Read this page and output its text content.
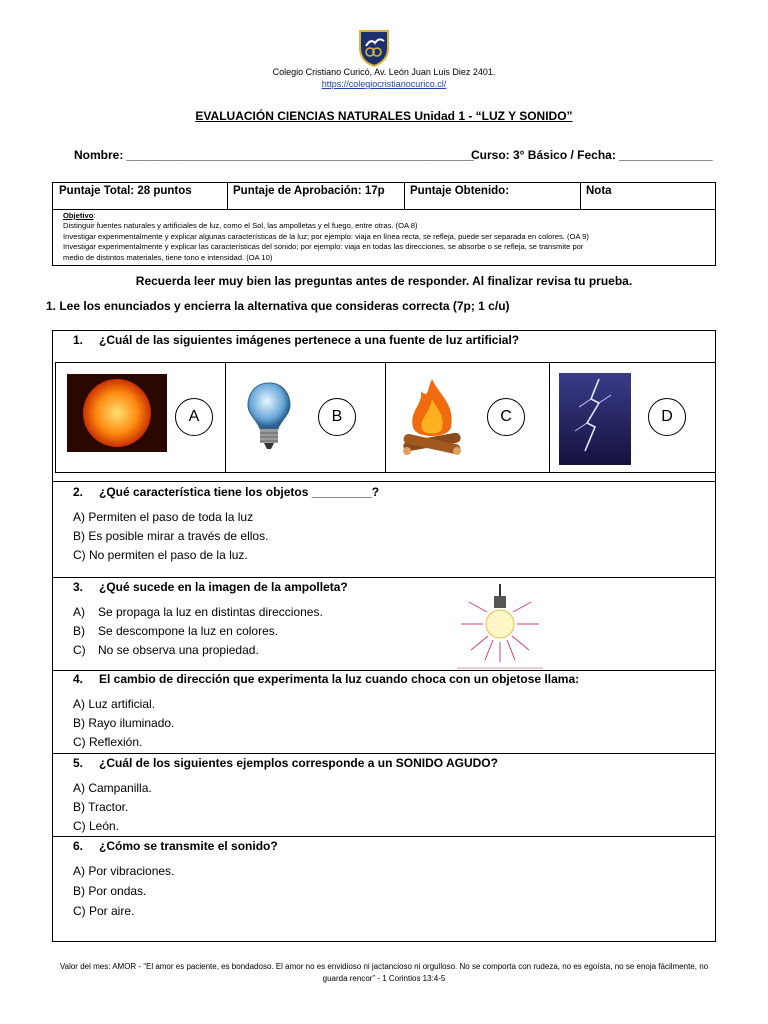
Colegio Cristiano Curicó, Av. León Juan Luis Diez 2401.
https://colegiocristianocurico.cl/
EVALUACIÓN CIENCIAS NATURALES Unidad 1 - “LUZ Y SONIDO”
Nombre: ____________________________________________________
Curso: 3° Básico / Fecha: ______________
Puntaje Total: 28 puntos	Puntaje de Aprobación: 17p	Puntaje Obtenido:	Nota
Objetivo:
Distinguir fuentes naturales y artificiales de luz, como el Sol, las ampolletas y el fuego, entre otras. (OA 8)
Investigar experimentalmente y explicar algunas características de la luz; por ejemplo: viaja en línea recta, se refleja, puede ser separada en colores. (OA 9)
Investigar experimentalmente y explicar las características del sonido; por ejemplo: viaja en todas las direcciones, se absorbe o se refleja, se transmite por
medio de distintos materiales, tiene tono e intensidad. (OA 10)
Recuerda leer muy bien las preguntas antes de responder. Al finalizar revisa tu prueba.
1. Lee los enunciados y encierra la alternativa que consideras correcta (7p; 1 c/u)
1. ¿Cuál de las siguientes imágenes pertenece a una fuente de luz artificial?
A	B	C	D
2. ¿Qué característica tiene los objetos _________?
A) Permiten el paso de toda la luz
B) Es posible mirar a través de ellos.
C) No permiten el paso de la luz.
3. ¿Qué sucede en la imagen de la ampolleta?
A) Se propaga la luz en distintas direcciones.
B) Se descompone la luz en colores.
C) No se observa una propiedad.
4. El cambio de dirección que experimenta la luz cuando choca con un objetose llama:
A) Luz artificial.
B) Rayo iluminado.
C) Reflexión.
5. ¿Cuál de los siguientes ejemplos corresponde a un SONIDO AGUDO?
A) Campanilla.
B) Tractor.
C) León.
6. ¿Cómo se transmite el sonido?
A) Por vibraciones.
B) Por ondas.
C) Por aire.
Valor del mes: AMOR - “El amor es paciente, es bondadoso. El amor no es envidioso ni jactancioso ni orgulloso. No se comporta con rudeza, no es egoísta, no se enoja fácilmente, no guarda rencor” - 1 Corintios 13:4-5
